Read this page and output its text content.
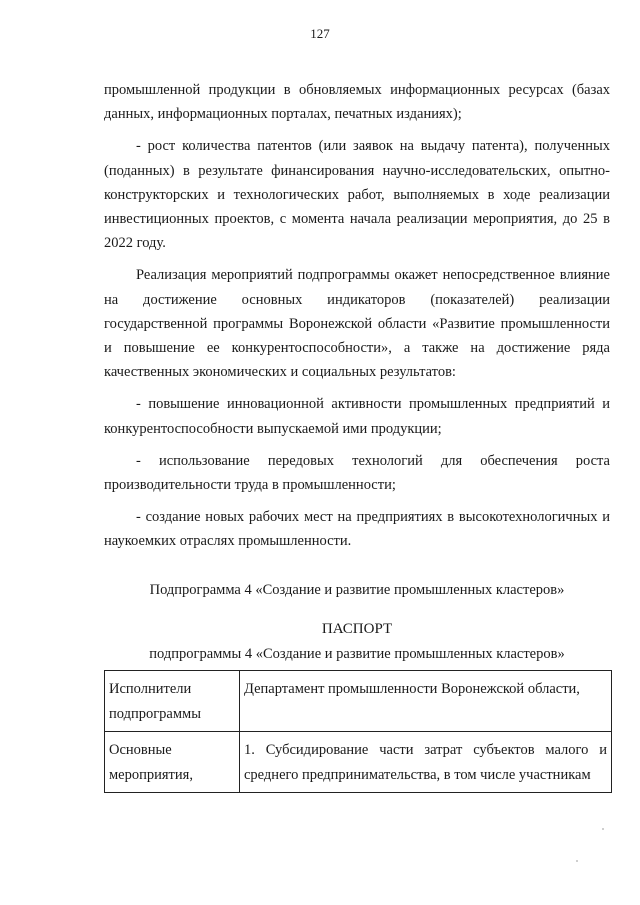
127

промышленной продукции в обновляемых информационных ресурсах (базах данных, информационных порталах, печатных изданиях);

- рост количества патентов (или заявок на выдачу патента), полученных (поданных) в результате финансирования научно-исследовательских, опытно-конструкторских и технологических работ, выполняемых в ходе реализации инвестиционных проектов, с момента начала реализации мероприятия, до 25 в 2022 году.

Реализация мероприятий подпрограммы окажет непосредственное влияние на достижение основных индикаторов (показателей) реализации государственной программы Воронежской области «Развитие промышленности и повышение ее конкурентоспособности», а также на достижение ряда качественных экономических и социальных результатов:

- повышение инновационной активности промышленных предприятий и конкурентоспособности выпускаемой ими продукции;

- использование передовых технологий для обеспечения роста производительности труда в промышленности;

- создание новых рабочих мест на предприятиях в высокотехнологичных и наукоемких отраслях промышленности.

Подпрограмма 4 «Создание и развитие промышленных кластеров»
ПАСПОРТ
подпрограммы 4 «Создание и развитие промышленных кластеров»
Исполнители подпрограммы	Департамент промышленности Воронежской области,
Основные мероприятия,	1. Субсидирование части затрат субъектов малого и среднего предпринимательства, в том числе участникам
